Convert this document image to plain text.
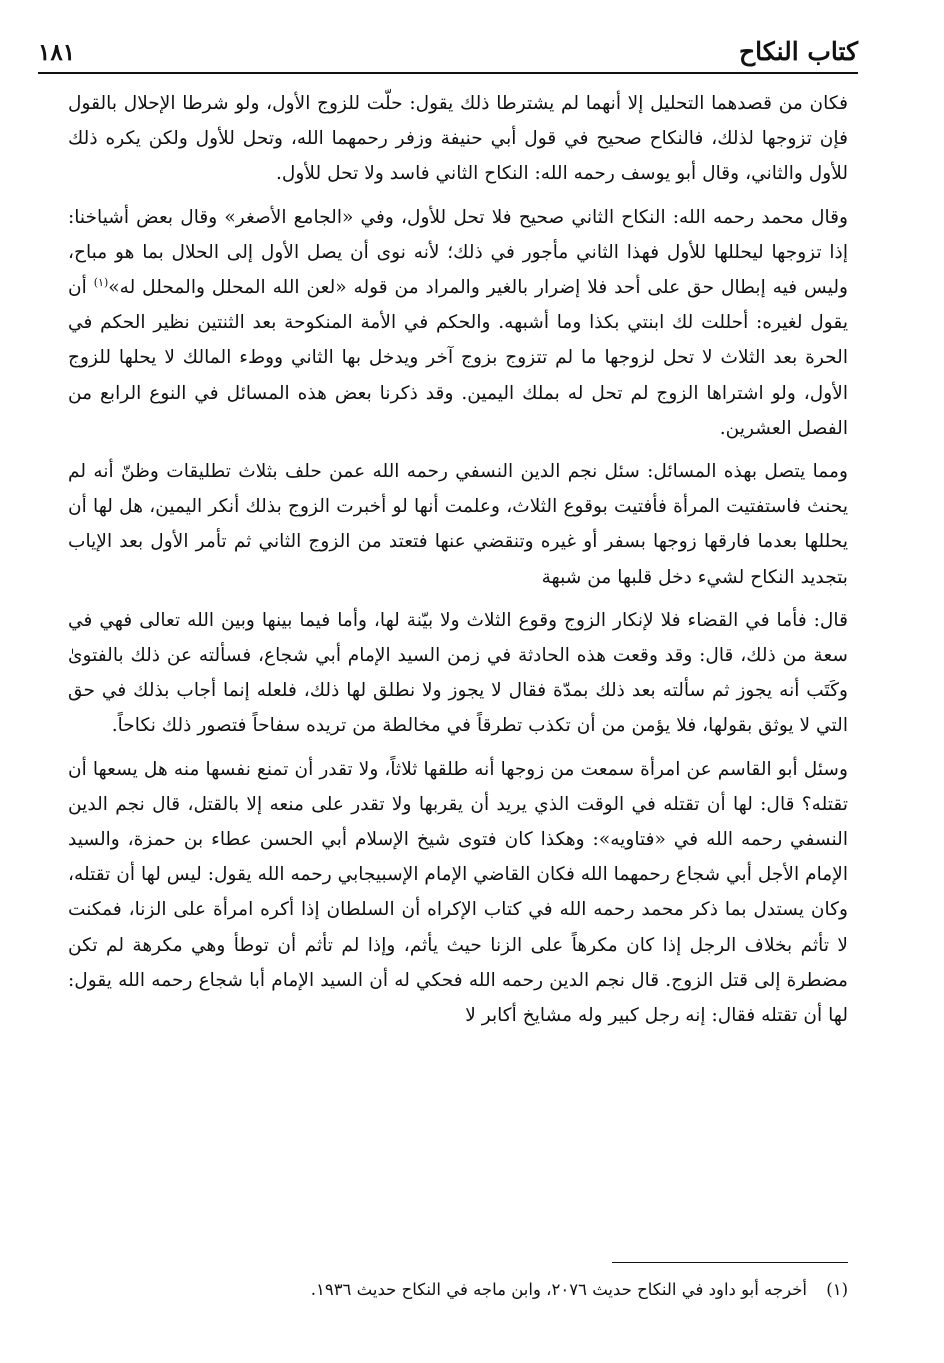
١٨١	كتاب النكاح
فكان من قصدهما التحليل إلا أنهما لم يشترطا ذلك يقول: حلّت للزوج الأول، ولو شرطا الإحلال بالقول فإن تزوجها لذلك، فالنكاح صحيح في قول أبي حنيفة وزفر رحمهما الله، وتحل للأول ولكن يكره ذلك للأول والثاني، وقال أبو يوسف رحمه الله: النكاح الثاني فاسد ولا تحل للأول.
وقال محمد رحمه الله: النكاح الثاني صحيح فلا تحل للأول، وفي «الجامع الأصغر» وقال بعض أشياخنا: إذا تزوجها ليحللها للأول فهذا الثاني مأجور في ذلك؛ لأنه نوى أن يصل الأول إلى الحلال بما هو مباح، وليس فيه إبطال حق على أحد فلا إضرار بالغير والمراد من قوله «لعن الله المحلل والمحلل له»$^{(١)}$ أن يقول لغيره: أحللت لك ابنتي بكذا وما أشبهه. والحكم في الأمة المنكوحة بعد الثنتين نظير الحكم في الحرة بعد الثلاث لا تحل لزوجها ما لم تتزوج بزوج آخر ويدخل بها الثاني ووطء المالك لا يحلها للزوج الأول، ولو اشتراها الزوج لم تحل له بملك اليمين. وقد ذكرنا بعض هذه المسائل في النوع الرابع من الفصل العشرين.
ومما يتصل بهذه المسائل: سئل نجم الدين النسفي رحمه الله عمن حلف بثلاث تطليقات وظنّ أنه لم يحنث فاستفتيت المرأة فأفتيت بوقوع الثلاث، وعلمت أنها لو أخبرت الزوج بذلك أنكر اليمين، هل لها أن يحللها بعدما فارقها زوجها بسفر أو غيره وتنقضي عنها فتعتد من الزوج الثاني ثم تأمر الأول بعد الإياب بتجديد النكاح لشيء دخل قلبها من شبهة
قال: فأما في القضاء فلا لإنكار الزوج وقوع الثلاث ولا بيّنة لها، وأما فيما بينها وبين الله تعالى فهي في سعة من ذلك، قال: وقد وقعت هذه الحادثة في زمن السيد الإمام أبي شجاع، فسألته عن ذلك بالفتوىٰ وكَتَب أنه يجوز ثم سألته بعد ذلك بمدّة فقال لا يجوز ولا نطلق لها ذلك، فلعله إنما أجاب بذلك في حق التي لا يوثق بقولها، فلا يؤمن من أن تكذب تطرقاً في مخالطة من تريده سفاحاً فتصور ذلك نكاحاً.
وسئل أبو القاسم عن امرأة سمعت من زوجها أنه طلقها ثلاثاً، ولا تقدر أن تمنع نفسها منه هل يسعها أن تقتله؟ قال: لها أن تقتله في الوقت الذي يريد أن يقربها ولا تقدر على منعه إلا بالقتل، قال نجم الدين النسفي رحمه الله في «فتاويه»: وهكذا كان فتوى شيخ الإسلام أبي الحسن عطاء بن حمزة، والسيد الإمام الأجل أبي شجاع رحمهما الله فكان القاضي الإمام الإسبيجابي رحمه الله يقول: ليس لها أن تقتله، وكان يستدل بما ذكر محمد رحمه الله في كتاب الإكراه أن السلطان إذا أكره امرأة على الزنا، فمكنت لا تأثم بخلاف الرجل إذا كان مكرهاً على الزنا حيث يأثم، وإذا لم تأثم أن توطأ وهي مكرهة لم تكن مضطرة إلى قتل الزوج. قال نجم الدين رحمه الله فحكي له أن السيد الإمام أبا شجاع رحمه الله يقول: لها أن تقتله فقال: إنه رجل كبير وله مشايخ أكابر لا
(١) أخرجه أبو داود في النكاح حديث ٢٠٧٦، وابن ماجه في النكاح حديث ١٩٣٦.
